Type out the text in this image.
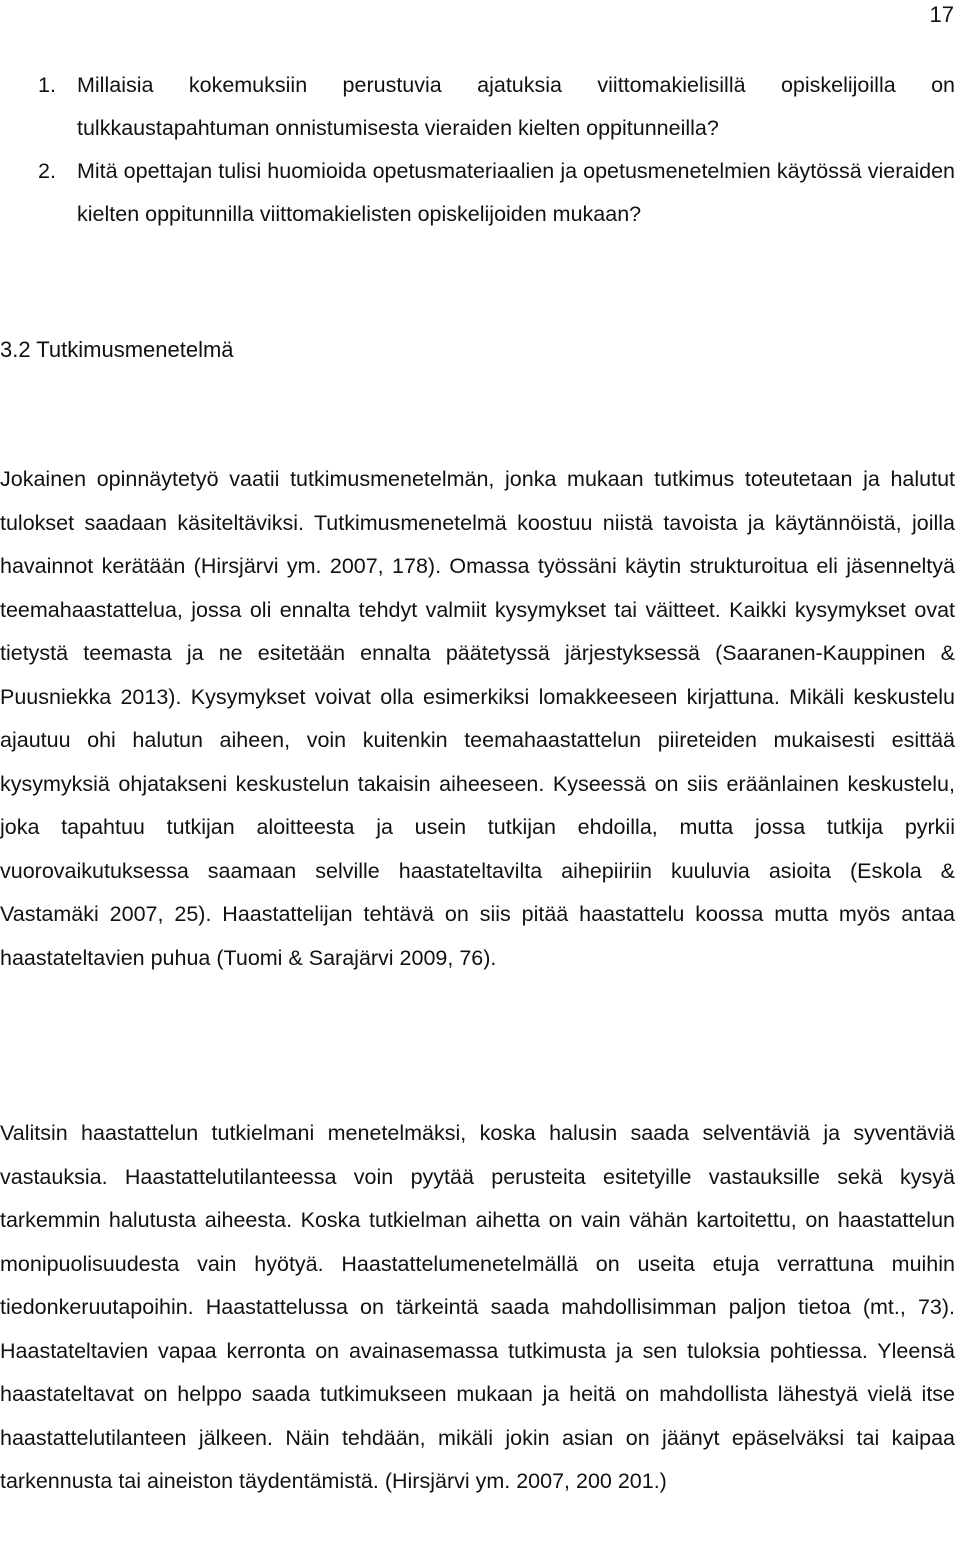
17
1. Millaisia kokemuksiin perustuvia ajatuksia viittomakielisillä opiskelijoilla on tulkkaustapahtuman onnistumisesta vieraiden kielten oppitunneilla?
2. Mitä opettajan tulisi huomioida opetusmateriaalien ja opetusmenetelmien käytössä vieraiden kielten oppitunnilla viittomakielisten opiskelijoiden mukaan?
3.2 Tutkimusmenetelmä

Jokainen opinnäytetyö vaatii tutkimusmenetelmän, jonka mukaan tutkimus toteutetaan ja halutut tulokset saadaan käsiteltäviksi. Tutkimusmenetelmä koostuu niistä tavoista ja käytännöistä, joilla havainnot kerätään (Hirsjärvi ym. 2007, 178). Omassa työssäni käytin strukturoitua eli jäsenneltyä teemahaastattelua, jossa oli ennalta tehdyt valmiit kysymykset tai väitteet. Kaikki kysymykset ovat tietystä teemasta ja ne esitetään ennalta päätetyssä järjestyksessä (Saaranen-Kauppinen & Puusniekka 2013). Kysymykset voivat olla esimerkiksi lomakkeeseen kirjattuna. Mikäli keskustelu ajautuu ohi halutun aiheen, voin kuitenkin teemahaastattelun piireteiden mukaisesti esittää kysymyksiä ohjatakseni keskustelun takaisin aiheeseen. Kyseessä on siis eräänlainen keskustelu, joka tapahtuu tutkijan aloitteesta ja usein tutkijan ehdoilla, mutta jossa tutkija pyrkii vuorovaikutuksessa saamaan selville haastateltavilta aihepiiriin kuuluvia asioita (Eskola & Vastamäki 2007, 25). Haastattelijan tehtävä on siis pitää haastattelu koossa mutta myös antaa haastateltavien puhua (Tuomi & Sarajärvi 2009, 76).

Valitsin haastattelun tutkielmani menetelmäksi, koska halusin saada selventäviä ja syventäviä vastauksia. Haastattelutilanteessa voin pyytää perusteita esitetyille vastauksille sekä kysyä tarkemmin halutusta aiheesta. Koska tutkielman aihetta on vain vähän kartoitettu, on haastattelun monipuolisuudesta vain hyötyä. Haastattelumenetelmällä on useita etuja verrattuna muihin tiedonkeruutapoihin. Haastattelussa on tärkeintä saada mahdollisimman paljon tietoa (mt., 73). Haastateltavien vapaa kerronta on avainasemassa tutkimusta ja sen tuloksia pohtiessa. Yleensä haastateltavat on helppo saada tutkimukseen mukaan ja heitä on mahdollista lähestyä vielä itse haastattelutilanteen jälkeen. Näin tehdään, mikäli jokin asian on jäänyt epäselväksi tai kaipaa tarkennusta tai aineiston täydentämistä. (Hirsjärvi ym. 2007, 200 201.)
